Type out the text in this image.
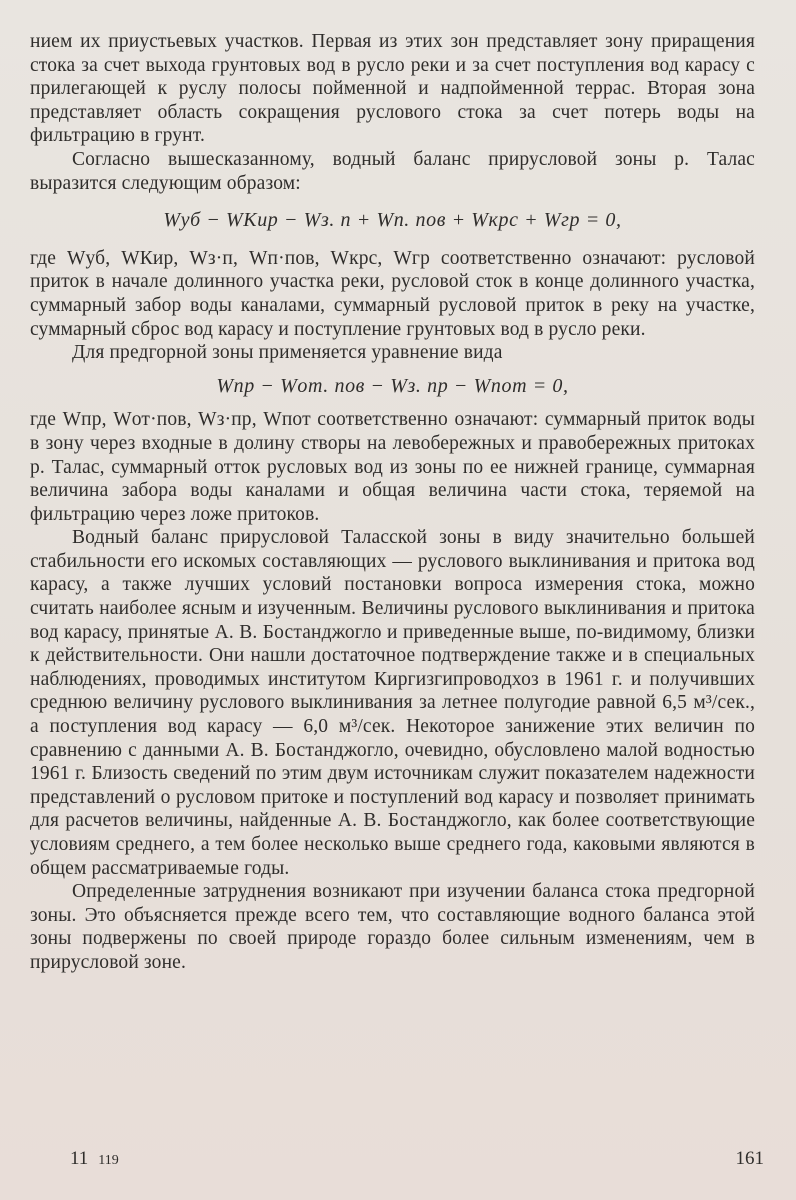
нием их приустьевых участков. Первая из этих зон представляет зону приращения стока за счет выхода грунтовых вод в русло реки и за счет поступления вод карасу с прилегающей к руслу полосы пойменной и надпойменной террас. Вторая зона представляет область сокращения руслового стока за счет потерь воды на фильтрацию в грунт.

Согласно вышесказанному, водный баланс прирусловой зоны р. Талас выразится следующим образом:

Wуб − WКир − Wз. п + Wп. пов + Wкрс + Wгр = 0,

где Wуб, WКир, Wз·п, Wп·пов, Wкрс, Wгр соответственно означают: русловой приток в начале долинного участка реки, русловой сток в конце долинного участка, суммарный забор воды каналами, суммарный русловой приток в реку на участке, суммарный сброс вод карасу и поступление грунтовых вод в русло реки.

Для предгорной зоны применяется уравнение вида

Wпр − Wот. пов − Wз. пр − Wпот = 0,

где Wпр, Wот·пов, Wз·пр, Wпот соответственно означают: суммарный приток воды в зону через входные в долину створы на левобережных и правобережных притоках р. Талас, суммарный отток русловых вод из зоны по ее нижней границе, суммарная величина забора воды каналами и общая величина части стока, теряемой на фильтрацию через ложе притоков.

Водный баланс прирусловой Таласской зоны в виду значительно большей стабильности его искомых составляющих — руслового выклинивания и притока вод карасу, а также лучших условий постановки вопроса измерения стока, можно считать наиболее ясным и изученным. Величины руслового выклинивания и притока вод карасу, принятые А. В. Бостанджогло и приведенные выше, по-видимому, близки к действительности. Они нашли достаточное подтверждение также и в специальных наблюдениях, проводимых институтом Киргизгипроводхоз в 1961 г. и получивших среднюю величину руслового выклинивания за летнее полугодие равной 6,5 м³/сек., а поступления вод карасу — 6,0 м³/сек. Некоторое занижение этих величин по сравнению с данными А. В. Бостанджогло, очевидно, обусловлено малой водностью 1961 г. Близость сведений по этим двум источникам служит показателем надежности представлений о русловом притоке и поступлений вод карасу и позволяет принимать для расчетов величины, найденные А. В. Бостанджогло, как более соответствующие условиям среднего, а тем более несколько выше среднего года, каковыми являются в общем рассматриваемые годы.

Определенные затруднения возникают при изучении баланса стока предгорной зоны. Это объясняется прежде всего тем, что составляющие водного баланса этой зоны подвержены по своей природе гораздо более сильным изменениям, чем в прирусловой зоне.

11 119	161
